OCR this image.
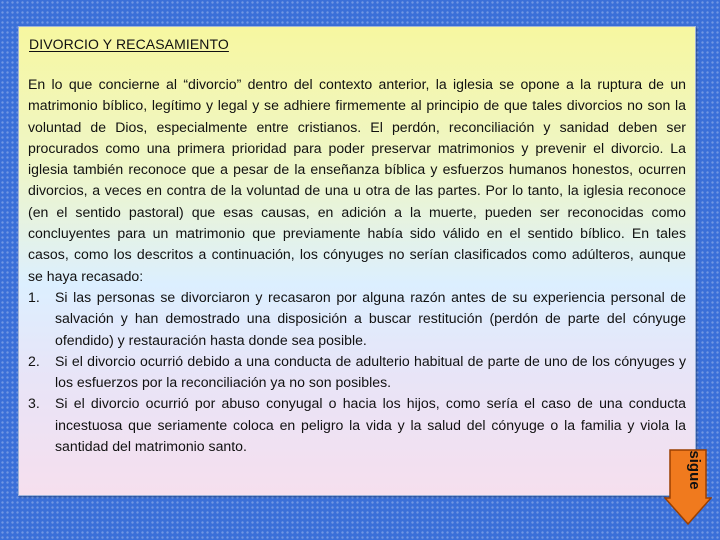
DIVORCIO Y RECASAMIENTO

En lo que concierne al “divorcio” dentro del contexto anterior, la iglesia se opone a la ruptura de un matrimonio bíblico, legítimo y legal y se adhiere firmemente al principio de que tales divorcios no son la voluntad de Dios, especialmente entre cristianos. El perdón, reconciliación y sanidad deben ser procurados como una primera prioridad para poder preservar matrimonios y prevenir el divorcio. La iglesia también reconoce que a pesar de la enseñanza bíblica y esfuerzos humanos honestos, ocurren divorcios, a veces en contra de la voluntad de una u otra de las partes. Por lo tanto, la iglesia reconoce (en el sentido pastoral) que esas causas, en adición a la muerte, pueden ser reconocidas como concluyentes para un matrimonio que previamente había sido válido en el sentido bíblico. En tales casos, como los descritos a continuación, los cónyuges no serían clasificados como adúlteros, aunque se haya recasado:

1. Si las personas se divorciaron y recasaron por alguna razón antes de su experiencia personal de salvación y han demostrado una disposición a buscar restitución (perdón de parte del cónyuge ofendido) y restauración hasta donde sea posible.
2. Si el divorcio ocurrió debido a una conducta de adulterio habitual de parte de uno de los cónyuges y los esfuerzos por la reconciliación ya no son posibles.
3. Si el divorcio ocurrió por abuso conyugal o hacia los hijos, como sería el caso de una conducta incestuosa que seriamente coloca en peligro la vida y la salud del cónyuge o la familia y viola la santidad del matrimonio santo.
sigue
